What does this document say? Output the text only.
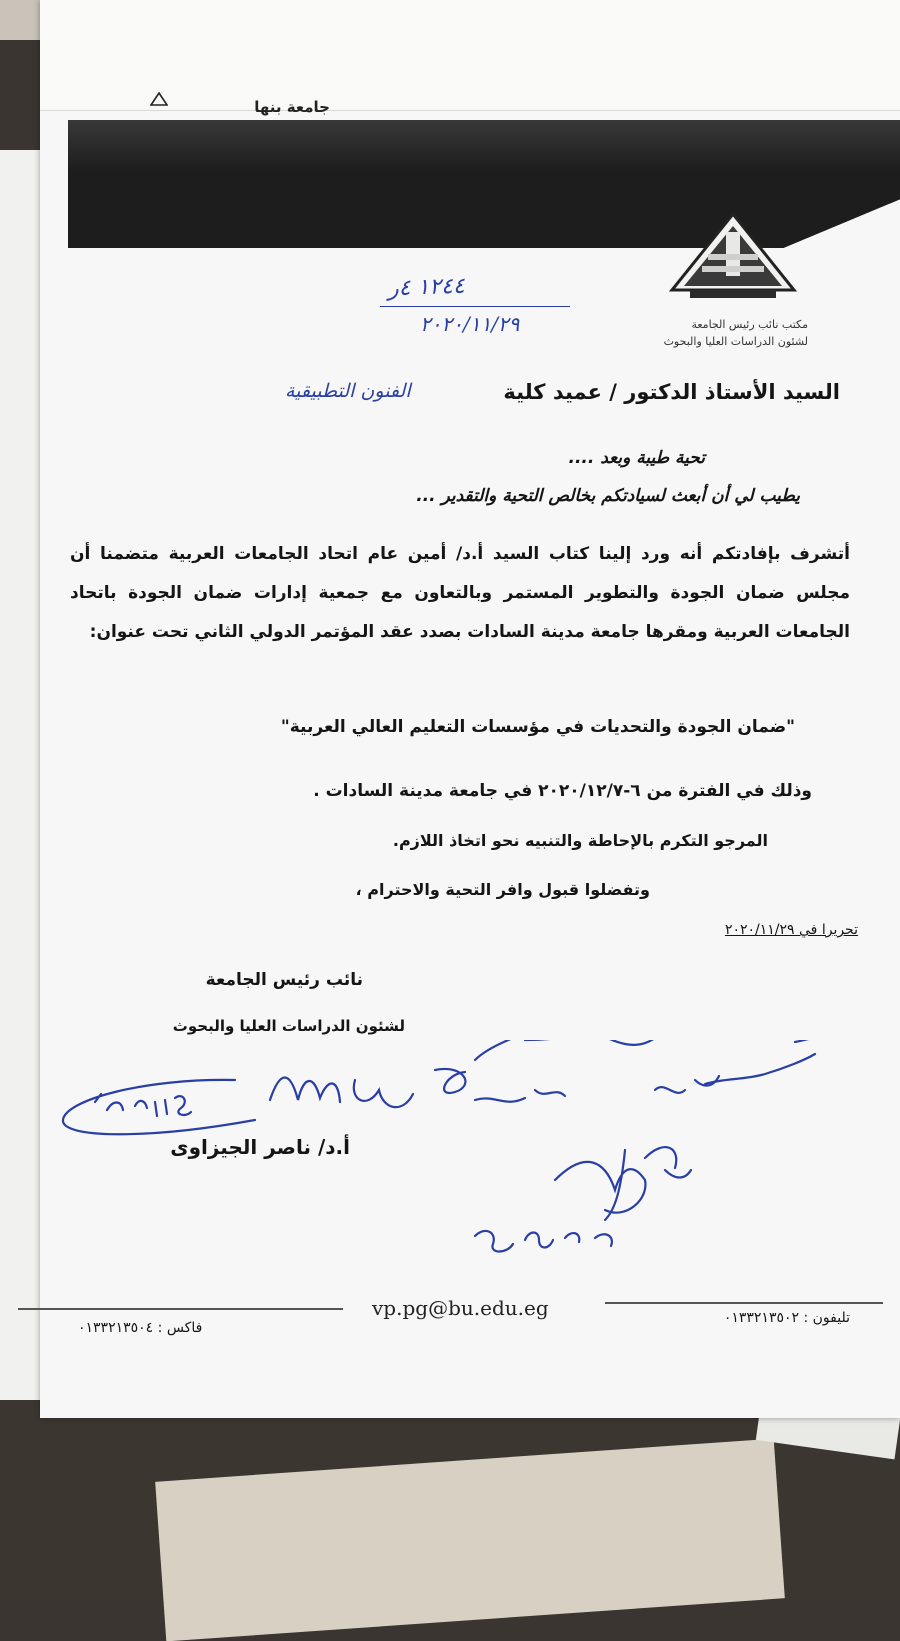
جامعة بنها
مكتب نائب رئيس الجامعة
لشئون الدراسات العليا والبحوث
١٢٤٤ ٤ر
٢٠٢٠/١١/٢٩
السيد الأستاذ الدكتور / عميد كلية
الفنون التطبيقية
تحية طيبة وبعد ....
يطيب لي أن أبعث لسيادتكم بخالص التحية والتقدير ...
أتشرف بإفادتكم أنه ورد إلينا كتاب السيد أ.د/ أمين عام اتحاد الجامعات العربية متضمنا أن مجلس ضمان الجودة والتطوير المستمر وبالتعاون مع جمعية إدارات ضمان الجودة باتحاد الجامعات العربية ومقرها جامعة مدينة السادات بصدد عقد المؤتمر الدولي الثاني تحت عنوان:
"ضمان الجودة والتحديات في مؤسسات التعليم العالي العربية"
وذلك في الفترة من ٦-٢٠٢٠/١٢/٧ في جامعة مدينة السادات .
المرجو التكرم بالإحاطة والتنبيه نحو اتخاذ اللازم.
وتفضلوا قبول وافر التحية والاحترام ،
تحريرا في ٢٠٢٠/١١/٢٩
نائب رئيس الجامعة
لشئون الدراسات العليا والبحوث
أ.د/ ناصر الجيزاوى
vp.pg@bu.edu.eg
فاكس : ٠١٣٣٢١٣٥٠٤
تليفون : ٠١٣٣٢١٣٥٠٢
